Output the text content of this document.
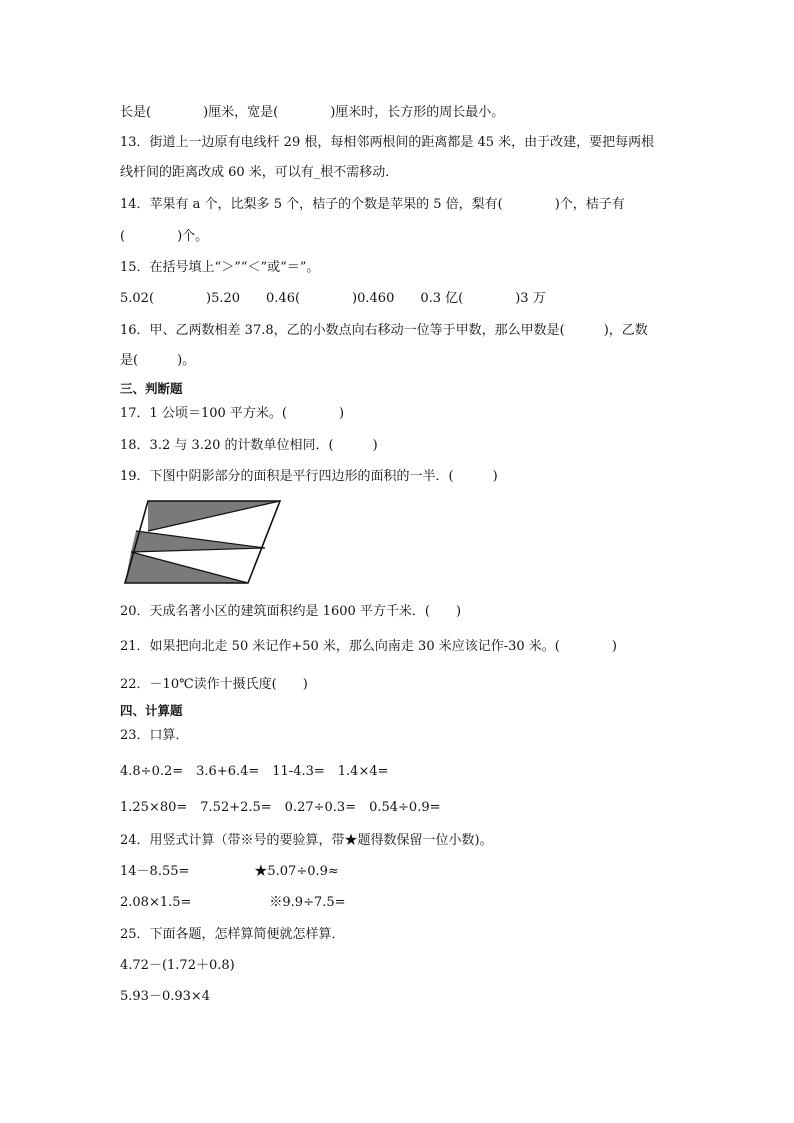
长是(　　　　)厘米，宽是(　　　　)厘米时，长方形的周长最小。
13．街道上一边原有电线杆 29 根，每相邻两根间的距离都是 45 米，由于改建，要把每两根
线杆间的距离改成 60 米，可以有_根不需移动．
14．苹果有 a 个，比梨多 5 个，桔子的个数是苹果的 5 倍，梨有(　　　　)个，桔子有
(　　　　)个。
15．在括号填上“＞”“＜”或“＝”。
5.02(　　　　)5.20　　0.46(　　　　)0.460　　0.3 亿(　　　　)3 万
16．甲、乙两数相差 37.8，乙的小数点向右移动一位等于甲数，那么甲数是(　　　)，乙数
是(　　　)。
三、判断题
17．1 公顷＝100 平方米。(　　　　)
18．3.2 与 3.20 的计数单位相同．(　　　)
19．下图中阴影部分的面积是平行四边形的面积的一半．(　　　)
20．天成名著小区的建筑面积约是 1600 平方千米．(　　)
21．如果把向北走 50 米记作+50 米，那么向南走 30 米应该记作-30 米。(　　　　)
22．－10℃读作十摄氏度(　　)
四、计算题
23．口算．
4.8÷0.2=　3.6+6.4=　11-4.3=　1.4×4=
1.25×80=　7.52+2.5=　0.27÷0.3=　0.54÷0.9=
24．用竖式计算（带※号的要验算，带★题得数保留一位小数)。
14－8.55=　　　　　★5.07÷0.9≈
2.08×1.5=　　　　　　※9.9÷7.5=
25．下面各题，怎样算简便就怎样算．
4.72－(1.72＋0.8)
5.93－0.93×4
